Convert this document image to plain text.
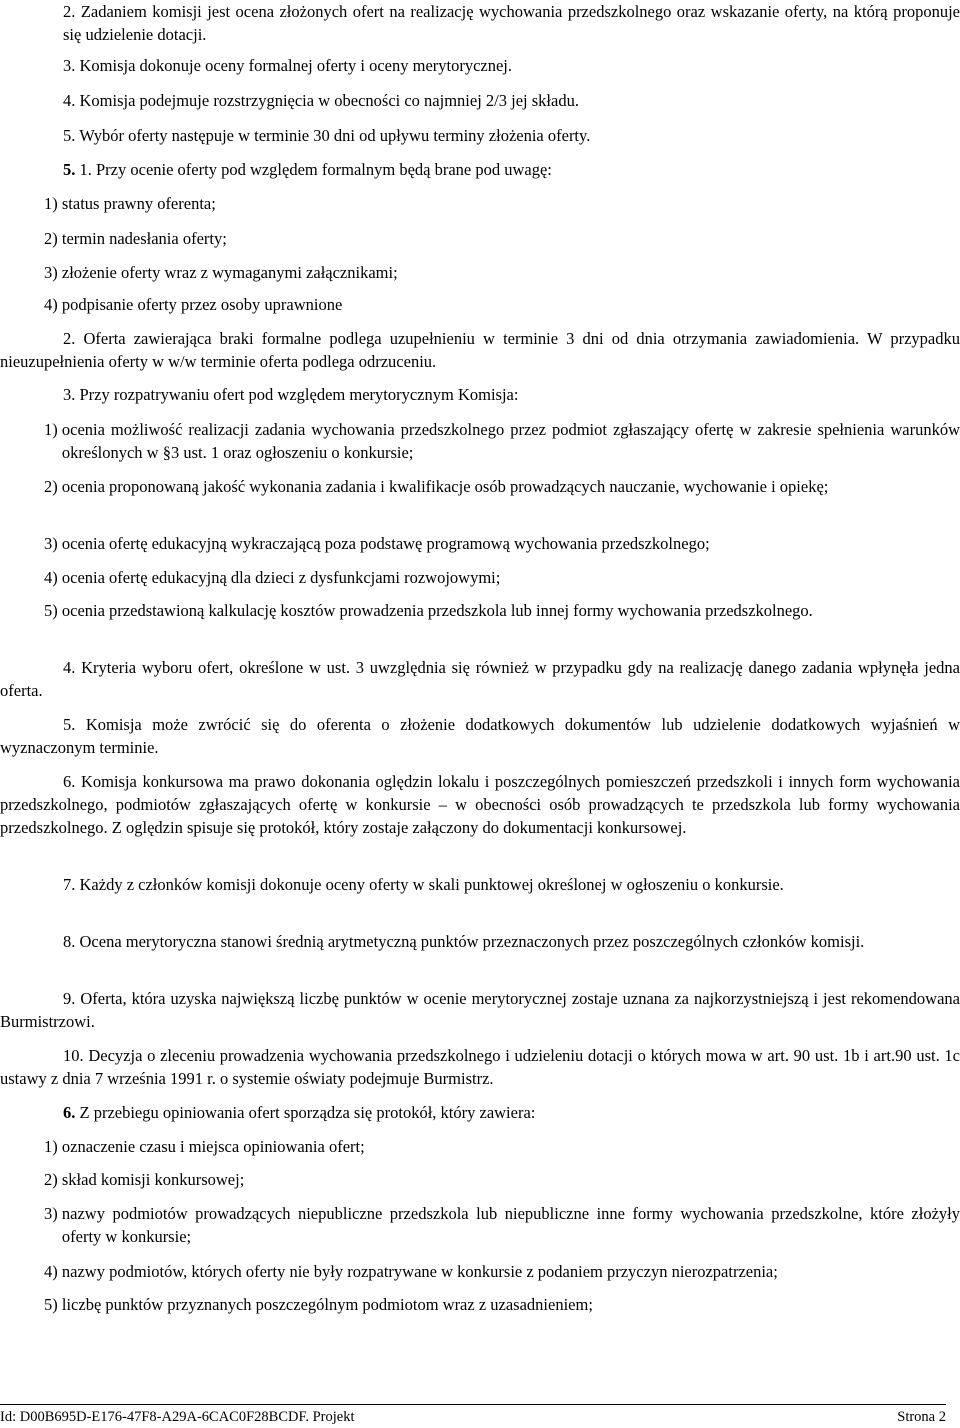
2. Zadaniem komisji jest ocena złożonych ofert na realizację wychowania przedszkolnego oraz wskazanie oferty, na którą proponuje się udzielenie dotacji.

3. Komisja dokonuje oceny formalnej oferty i oceny merytorycznej.

4. Komisja podejmuje rozstrzygnięcia w obecności co najmniej 2/3 jej składu.

5. Wybór oferty następuje w terminie 30 dni od upływu terminy złożenia oferty.

5. 1. Przy ocenie oferty pod względem formalnym będą brane pod uwagę:

1) status prawny oferenta;

2) termin nadesłania oferty;

3) złożenie oferty wraz z wymaganymi załącznikami;

4) podpisanie oferty przez osoby uprawnione

2. Oferta zawierająca braki formalne podlega uzupełnieniu w terminie 3 dni od dnia otrzymania zawiadomienia. W przypadku nieuzupełnienia oferty w w/w terminie oferta podlega odrzuceniu.

3. Przy rozpatrywaniu ofert pod względem merytorycznym Komisja:

1) ocenia możliwość realizacji zadania wychowania przedszkolnego przez podmiot zgłaszający ofertę w zakresie spełnienia warunków określonych w §3 ust. 1 oraz ogłoszeniu o konkursie;
2) ocenia proponowaną jakość wykonania zadania i kwalifikacje osób prowadzących nauczanie, wychowanie i opiekę;
3) ocenia ofertę edukacyjną wykraczającą poza podstawę programową wychowania przedszkolnego;
4) ocenia ofertę edukacyjną dla dzieci z dysfunkcjami rozwojowymi;
5) ocenia przedstawioną kalkulację kosztów prowadzenia przedszkola lub innej formy wychowania przedszkolnego.

4. Kryteria wyboru ofert, określone w ust. 3 uwzględnia się również w przypadku gdy na realizację danego zadania wpłynęła jedna oferta.

5. Komisja może zwrócić się do oferenta o złożenie dodatkowych dokumentów lub udzielenie dodatkowych wyjaśnień w wyznaczonym terminie.

6. Komisja konkursowa ma prawo dokonania oględzin lokalu i poszczególnych pomieszczeń przedszkoli i innych form wychowania przedszkolnego, podmiotów zgłaszających ofertę w konkursie – w obecności osób prowadzących te przedszkola lub formy wychowania przedszkolnego. Z oględzin spisuje się protokół, który zostaje załączony do dokumentacji konkursowej.

7. Każdy z członków komisji dokonuje oceny oferty w skali punktowej określonej w ogłoszeniu o konkursie.

8. Ocena merytoryczna stanowi średnią arytmetyczną punktów przeznaczonych przez poszczególnych członków komisji.

9. Oferta, która uzyska największą liczbę punktów w ocenie merytorycznej zostaje uznana za najkorzystniejszą i jest rekomendowana Burmistrzowi.

10. Decyzja o zleceniu prowadzenia wychowania przedszkolnego i udzieleniu dotacji o których mowa w art. 90 ust. 1b i art.90 ust. 1c ustawy z dnia 7 września 1991 r. o systemie oświaty podejmuje Burmistrz.

6. Z przebiegu opiniowania ofert sporządza się protokół, który zawiera:

1) oznaczenie czasu i miejsca opiniowania ofert;
2) skład komisji konkursowej;
3) nazwy podmiotów prowadzących niepubliczne przedszkola lub niepubliczne inne formy wychowania przedszkolne, które złożyły oferty w konkursie;
4) nazwy podmiotów, których oferty nie były rozpatrywane w konkursie z podaniem przyczyn nierozpatrzenia;
5) liczbę punktów przyznanych poszczególnym podmiotom wraz z uzasadnieniem;
Id: D00B695D-E176-47F8-A29A-6CAC0F28BCDF. Projekt	Strona 2
